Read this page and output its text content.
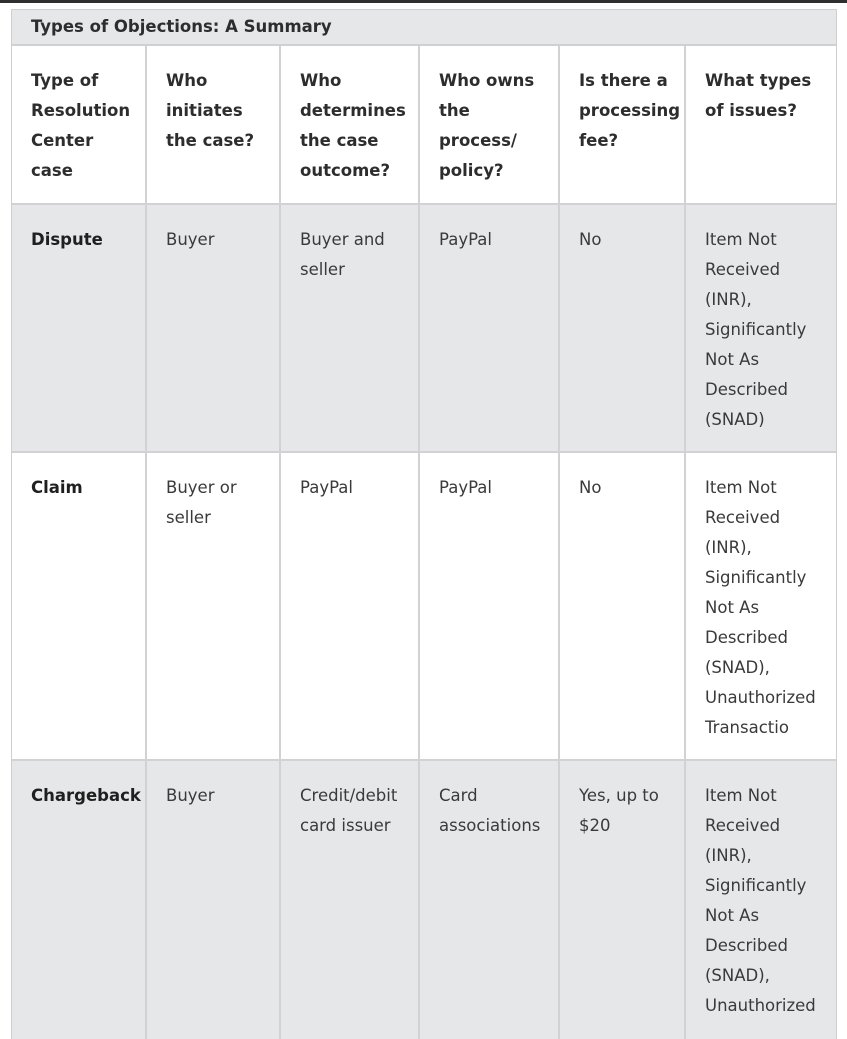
Types of Objections: A Summary
Type of Resolution Center case	Who initiates the case?	Who determines the case outcome?	Who owns the process/ policy?	Is there a processing fee?	What types of issues?
Dispute	Buyer	Buyer and seller	PayPal	No	Item Not Received (INR), Significantly Not As Described (SNAD)
Claim	Buyer or seller	PayPal	PayPal	No	Item Not Received (INR), Significantly Not As Described (SNAD), Unauthorized Transactio
Chargeback	Buyer	Credit/debit card issuer	Card associations	Yes, up to $20	Item Not Received (INR), Significantly Not As Described (SNAD), Unauthorized
